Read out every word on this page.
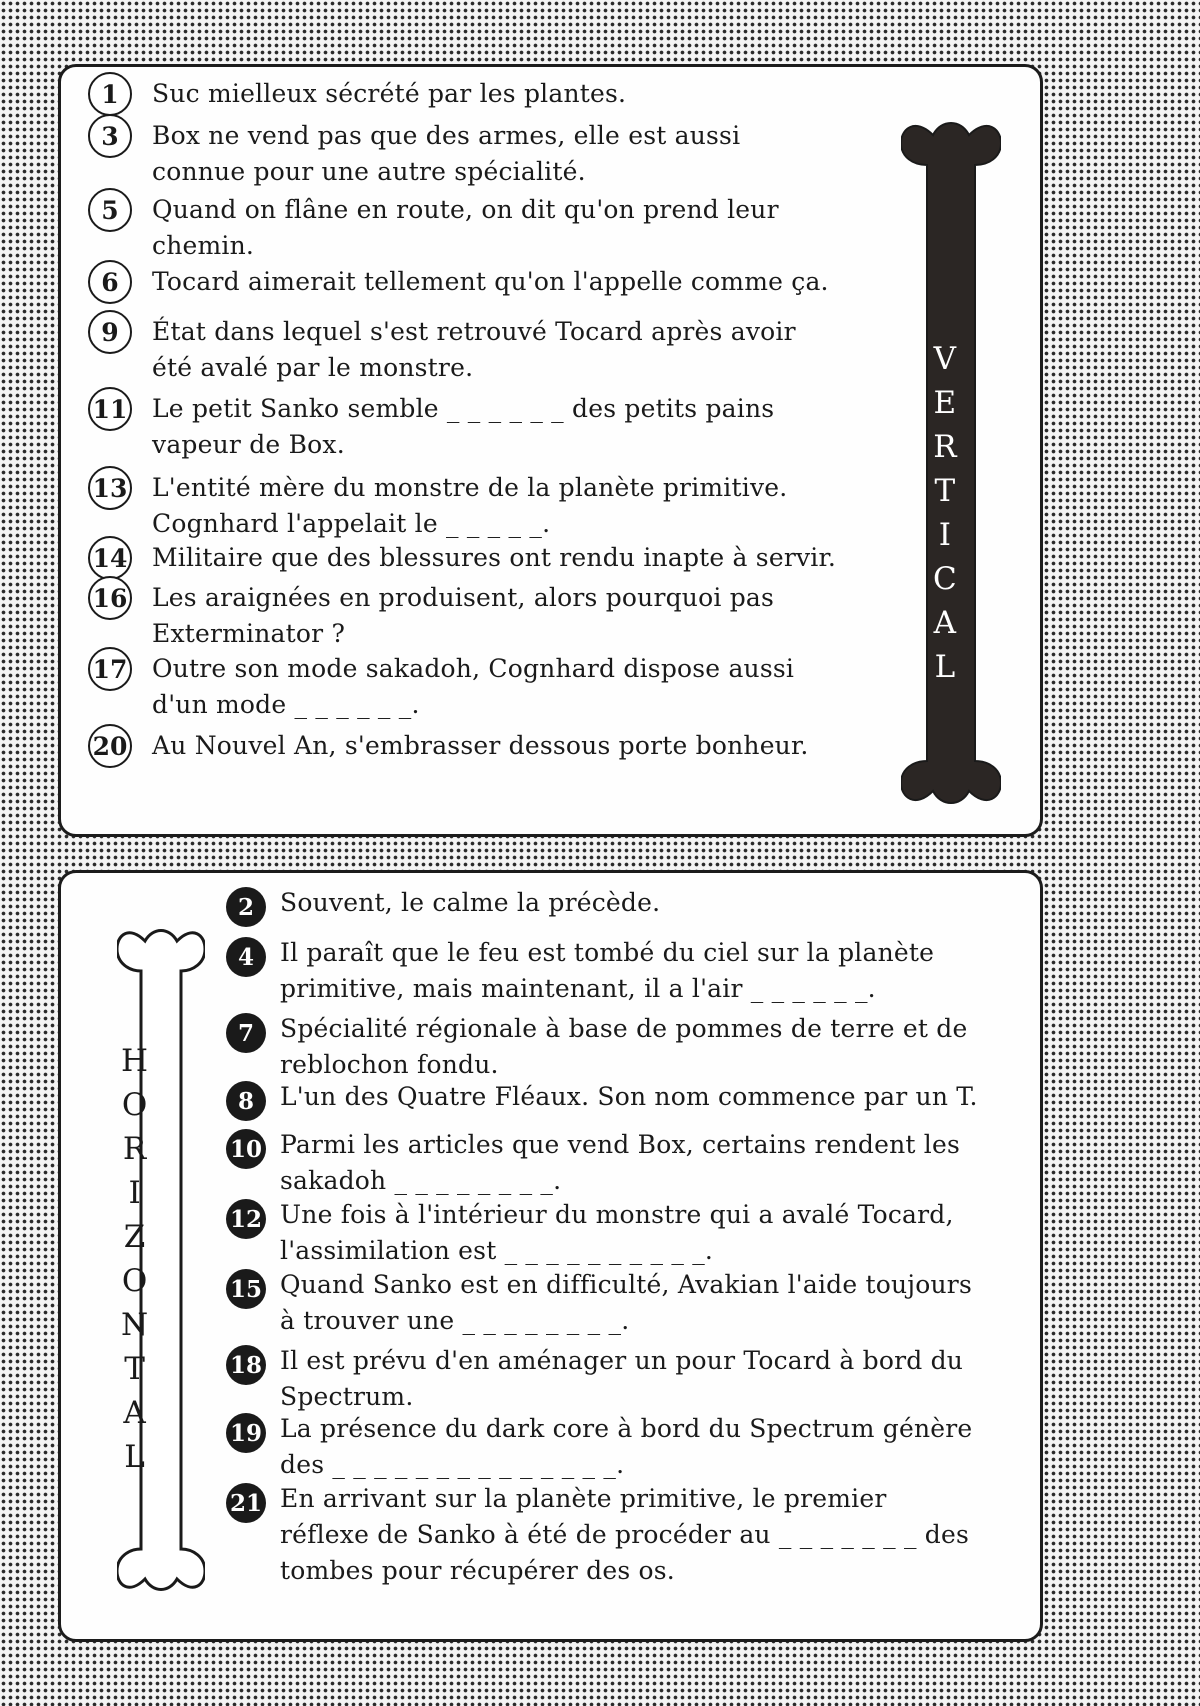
V
E
R
T
I
C
A
L
1	Suc mielleux sécrété par les plantes.
3	Box ne vend pas que des armes, elle est aussi
connue pour une autre spécialité.
5	Quand on flâne en route, on dit qu'on prend leur
chemin.
6	Tocard aimerait tellement qu'on l'appelle comme ça.
9	État dans lequel s'est retrouvé Tocard après avoir
été avalé par le monstre.
11 Le petit Sanko semble _ _ _ _ _ _ des petits pains
vapeur de Box.
13 L'entité mère du monstre de la planète primitive.
Cognhard l'appelait le _ _ _ _ _.
14 Militaire que des blessures ont rendu inapte à servir.
16 Les araignées en produisent, alors pourquoi pas
Exterminator ?
17 Outre son mode sakadoh, Cognhard dispose aussi
d'un mode _ _ _ _ _ _.
20 Au Nouvel An, s'embrasser dessous porte bonheur.
H
O
R
I
Z
O
N
T
A
L
2	Souvent, le calme la précède.
4	Il paraît que le feu est tombé du ciel sur la planète
primitive, mais maintenant, il a l'air _ _ _ _ _ _.
7	Spécialité régionale à base de pommes de terre et de
reblochon fondu.
8	L'un des Quatre Fléaux. Son nom commence par un T.
10 Parmi les articles que vend Box, certains rendent les
sakadoh _ _ _ _ _ _ _ _.
12 Une fois à l'intérieur du monstre qui a avalé Tocard,
l'assimilation est _ _ _ _ _ _ _ _ _ _.
15 Quand Sanko est en difficulté, Avakian l'aide toujours
à trouver une _ _ _ _ _ _ _ _.
18 Il est prévu d'en aménager un pour Tocard à bord du
Spectrum.
19 La présence du dark core à bord du Spectrum génère
des _ _ _ _ _ _ _ _ _ _ _ _ _ _.
21 En arrivant sur la planète primitive, le premier
réflexe de Sanko à été de procéder au _ _ _ _ _ _ _ des
tombes pour récupérer des os.
